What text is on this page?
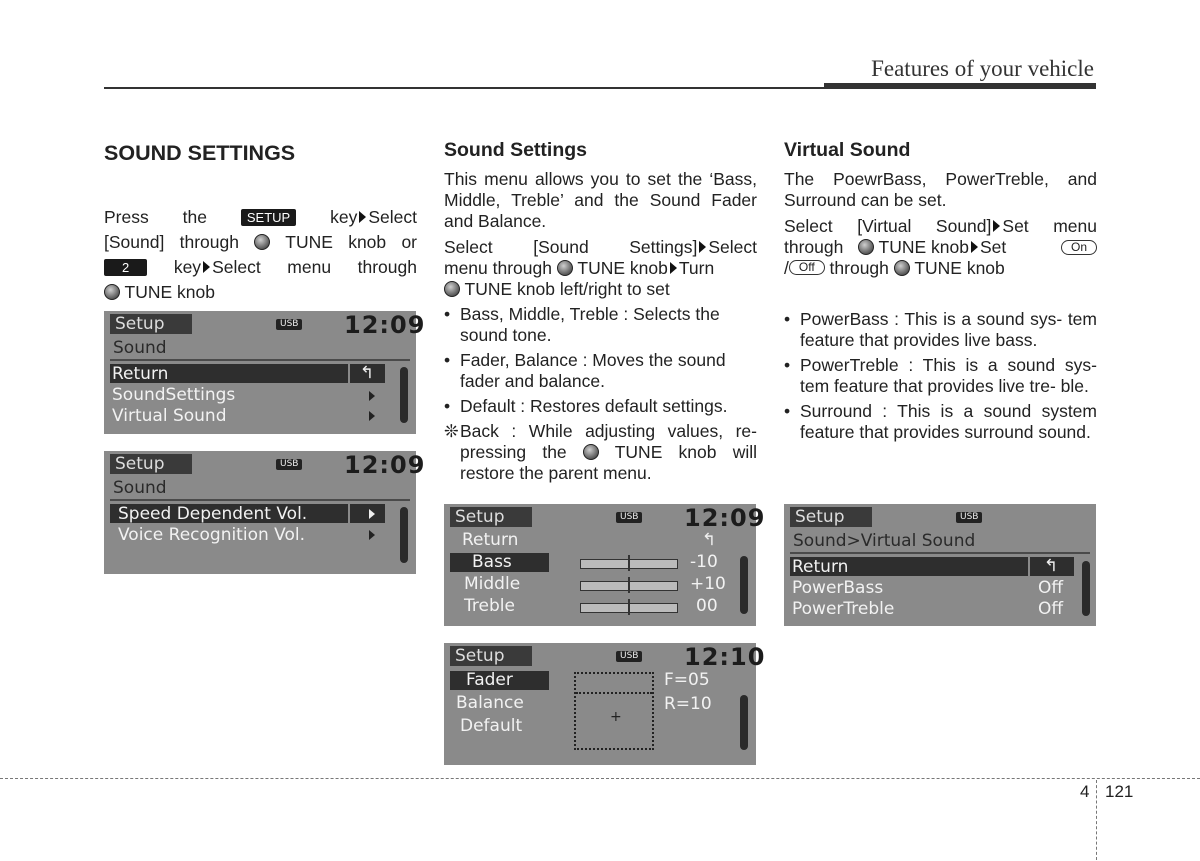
Features of your vehicle
SOUND SETTINGS

Press the	SETUP key Select

[Sound] through	TUNE knob or

2	key Select menu through

TUNE knob

Setup	USB 12:09
Sound
Return	↰
SoundSettings
Virtual Sound
Setup	USB 12:09
Sound
Speed Dependent Vol.
Voice Recognition Vol.
Sound Settings

This menu allows you to set the ‘Bass, Middle, Treble’ and the Sound Fader and Balance.

Select [Sound Settings] Select

menu through TUNE knob Turn

TUNE knob left/right to set

• Bass, Middle, Treble : Selects the sound tone.
• Fader, Balance : Moves the sound fader and balance.
• Default : Restores default settings.
❊ Back : While adjusting values, re- pressing the	TUNE knob will restore the parent menu.
Setup	USB 12:09
Return	↰
Bass	-10
Middle	+10
Treble	00
Setup	USB 12:10
Fader
Balance
Default	+
F=05
R=10
Virtual Sound

The PoewrBass, PowerTreble, and Surround can be set.

Select [Virtual Sound] Set menu

through TUNE knob Set	On

/ Off through TUNE knob

• PowerBass : This is a sound sys- tem feature that provides live bass.
• PowerTreble : This is a sound sys- tem feature that provides live tre- ble.
• Surround : This is a sound system feature that provides surround sound.
Setup	USB
Sound>Virtual Sound
Return	↰
PowerBass	Off
PowerTreble	Off
4 121
